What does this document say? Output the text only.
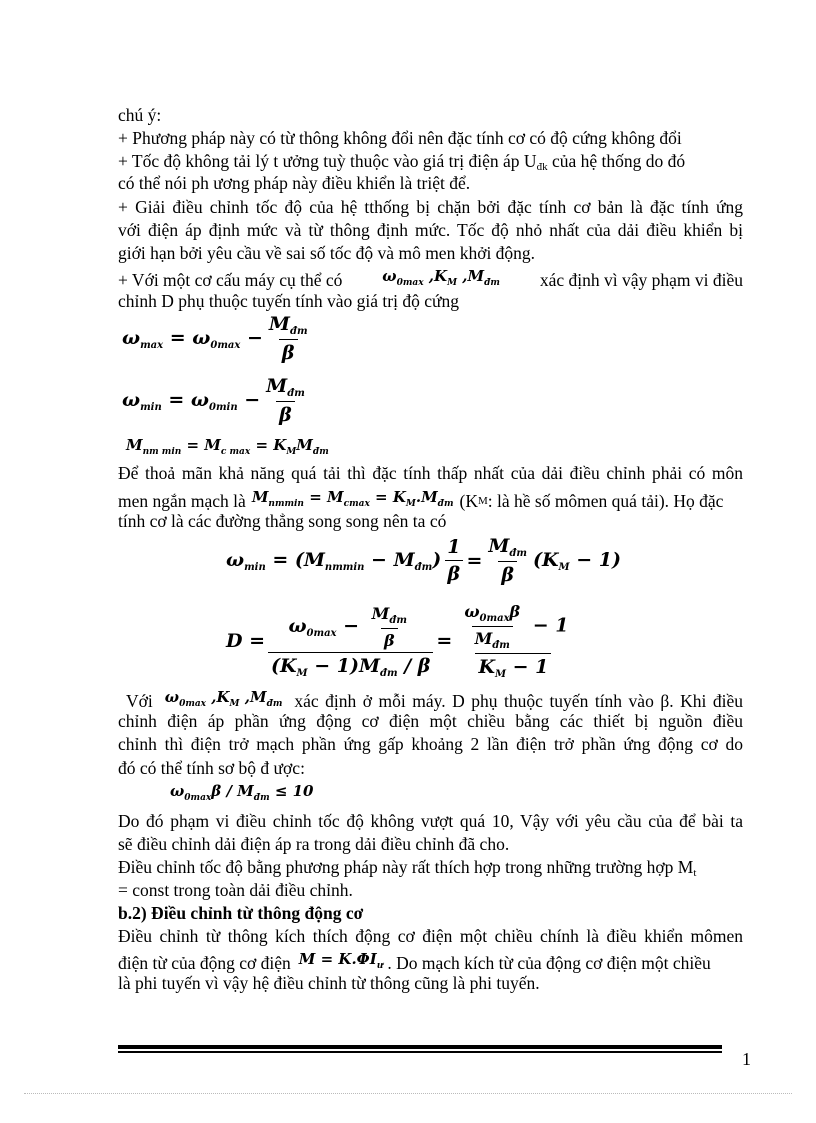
chú ý:

+ Phương pháp này có từ thông không đổi nên đặc tính cơ có độ cứng không đổi

+ Tốc độ không tải lý t ưởng tuỳ thuộc vào giá trị điện áp Uđk của hệ thống do đó

có thể nói ph ương pháp này điều khiển là triệt để.

+ Giải điều chỉnh tốc độ của hệ tthống bị chặn bởi đặc tính cơ bản là đặc tính ứng

với điện áp định mức và từ thông định mức. Tốc độ nhỏ nhất của dải điều khiển bị

giới hạn bởi yêu cầu về sai số tốc độ và mô men khởi động.

+ Với một cơ cấu máy cụ thể có	$\omega_{0max}$ $,K_M$ $,M_{đm}$ xác định vì vậy phạm vi điều

chỉnh D phụ thuộc tuyến tính vào giá trị độ cứng

$\omega_{max} = \omega_{0max} - \frac{M_{đm}}{\beta}$
$\omega_{min} = \omega_{0min} - \frac{M_{đm}}{\beta}$
$M_{nm min} = M_{c max} = K_MM_{đm}$

Để thoả mãn khả năng quá tải thì đặc tính thấp nhất của dải điều chỉnh phải có môn

men ngắn mạch là $M_{nmmin} = M_{cmax} = K_M.M_{đm}$ (K M : là hề số mômen quá tải). Họ đặc

tính cơ là các đường thẳng song song nên ta có

$\omega_{min} = (M_{nmmin} - M_{đm}) \frac{1}{\beta} = \frac{M_{đm}}{\beta} (K_M - 1)$
$D = \frac{\omega_{0max} - \frac{M_{đm}}{\beta}}{(K_M - 1)M_{đm} / \beta} = \frac{\frac{\omega_{0max}\beta}{M_{đm}} - 1}{K_M - 1}$
Với $\omega_{0max}$ $,K_M$ $,M_{đm}$ xác định ở mỗi máy. D phụ thuộc tuyến tính vào β. Khi điều

chỉnh điện áp phần ứng động cơ điện một chiều bằng các thiết bị nguồn điều

chỉnh thì điện trở mạch phần ứng gấp khoảng 2 lần điện trở phần ứng động cơ do

đó có thể tính sơ bộ đ ược:

$\omega_{0max}\beta / M_{đm} \le 10$

Do đó phạm vi điều chỉnh tốc độ không vượt quá 10, Vậy với yêu cầu của để bài ta

sẽ điều chỉnh dải điện áp ra trong dải điều chỉnh đã cho.

Điều chỉnh tốc độ bằng phương pháp này rất thích hợp trong những trường hợp Mt

= const trong toàn dải điều chỉnh.

b.2) Điều chỉnh từ thông động cơ

Điều chỉnh từ thông kích thích động cơ điện một chiều chính là điều khiển mômen

điện từ của động cơ điện $M = K.\Phi I_ư$ . Do mạch kích từ của động cơ điện một chiều

là phi tuyến vì vậy hệ điều chỉnh từ thông cũng là phi tuyến.

1
